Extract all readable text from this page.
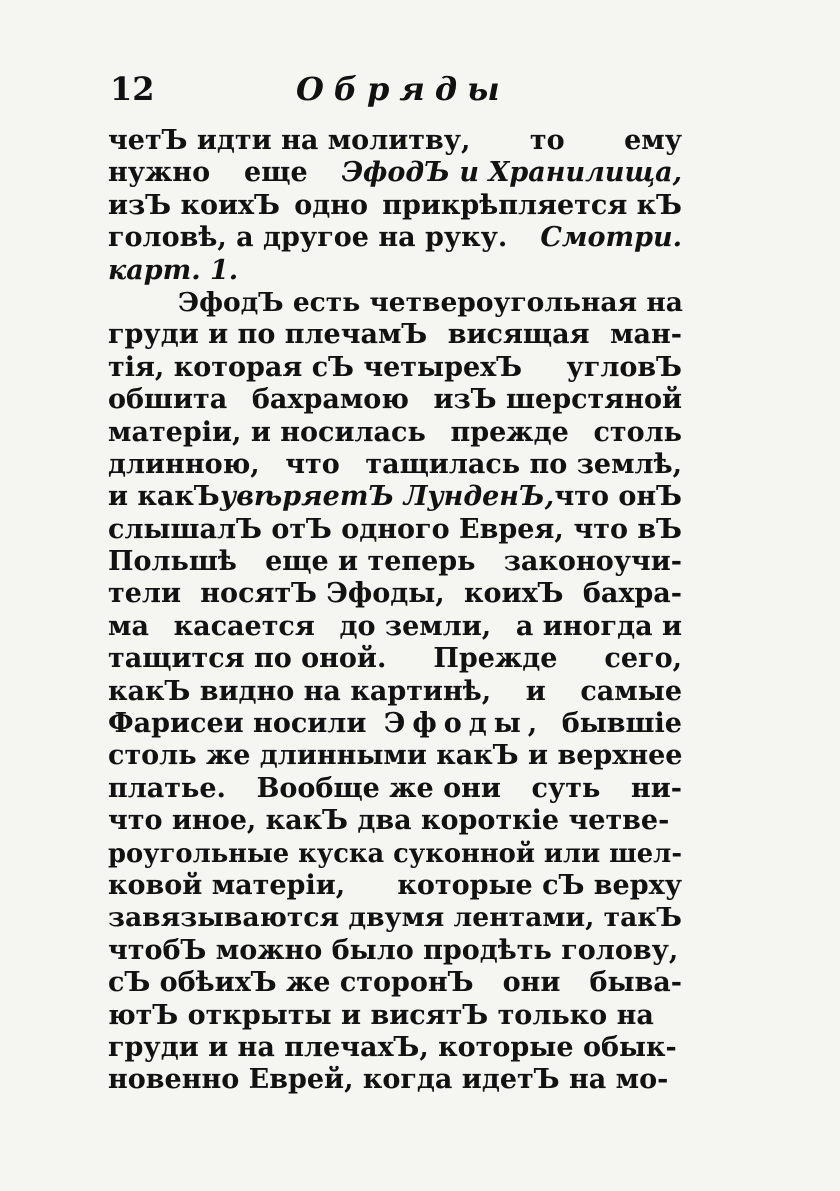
12	Обряды
четЪ идти на молитву, то ему
нужно еще ЭфодЪ и Хранилища,
изЪ коихЪ одно прикрѣпляется кЪ
головѣ, а другое на руку. Смотри.
карт. 1.
ЭфодЪ есть четвероугольная на
груди и по плечамЪ висящая ман-
тія, которая сЪ четырехЪ угловЪ
обшита бахрамою изЪ шерстяной
матеріи, и носилась прежде столь
длинною, что тащилась по землѣ,
и какЪ увѣряетЪ ЛунденЪ, что онЪ
слышалЪ отЪ одного Еврея, что вЪ
Польшѣ еще и теперь законоучи-
тели носятЪ Эфоды, коихЪ бахра-
ма касается до земли, а иногда и
тащится по оной. Прежде сего,
какЪ видно на картинѣ, и самые
Фарисеи носили Эфоды, бывшіе
столь же длинными какЪ и верхнее
платье. Вообще же они суть ни-
что иное, какЪ два короткіе четве-
роугольные куска суконной или шел-
ковой матеріи, которые сЪ верху
завязываются двумя лентами, такЪ
чтобЪ можно было продѣть голову,
сЪ обѣихЪ же сторонЪ они быва-
ютЪ открыты и висятЪ только на
груди и на плечахЪ, которые обык-
новенно Еврей, когда идетЪ на мо-
